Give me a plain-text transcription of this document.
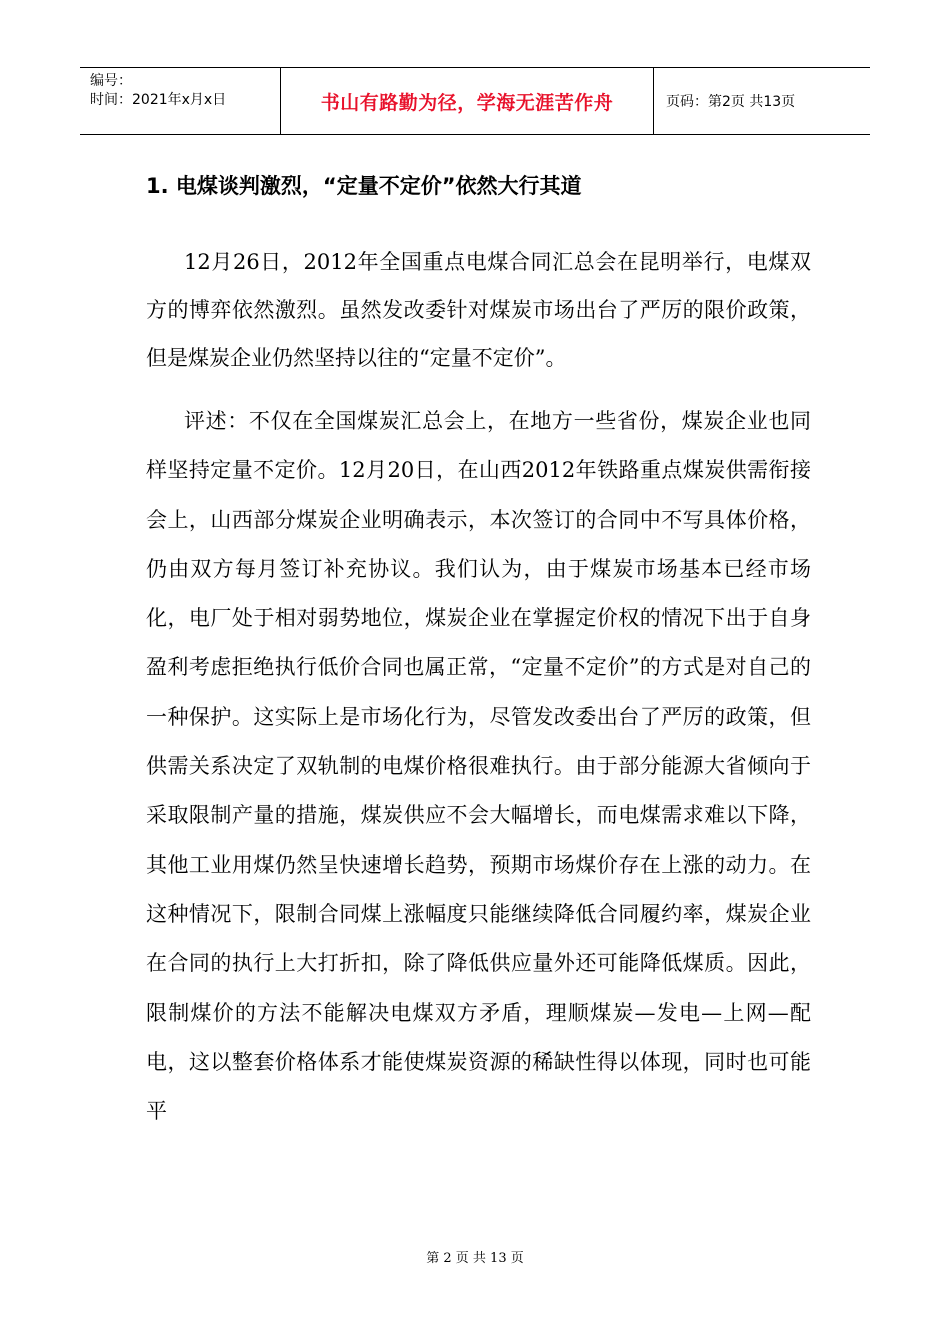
编号：
时间：2021年x月x日	书山有路勤为径，学海无涯苦作舟	页码：第2页 共13页
1. 电煤谈判激烈，“定量不定价”依然大行其道

12月26日，2012年全国重点电煤合同汇总会在昆明举行，电煤双方的博弈依然激烈。虽然发改委针对煤炭市场出台了严厉的限价政策，但是煤炭企业仍然坚持以往的“定量不定价”。

评述：不仅在全国煤炭汇总会上，在地方一些省份，煤炭企业也同样坚持定量不定价。12月20日，在山西2012年铁路重点煤炭供需衔接会上，山西部分煤炭企业明确表示，本次签订的合同中不写具体价格，仍由双方每月签订补充协议。我们认为，由于煤炭市场基本已经市场化，电厂处于相对弱势地位，煤炭企业在掌握定价权的情况下出于自身盈利考虑拒绝执行低价合同也属正常，“定量不定价”的方式是对自己的一种保护。这实际上是市场化行为，尽管发改委出台了严厉的政策，但供需关系决定了双轨制的电煤价格很难执行。由于部分能源大省倾向于采取限制产量的措施，煤炭供应不会大幅增长，而电煤需求难以下降，其他工业用煤仍然呈快速增长趋势，预期市场煤价存在上涨的动力。在这种情况下，限制合同煤上涨幅度只能继续降低合同履约率，煤炭企业在合同的执行上大打折扣，除了降低供应量外还可能降低煤质。因此，限制煤价的方法不能解决电煤双方矛盾，理顺煤炭—发电—上网—配电，这以整套价格体系才能使煤炭资源的稀缺性得以体现，同时也可能平

第 2 页 共 13 页
